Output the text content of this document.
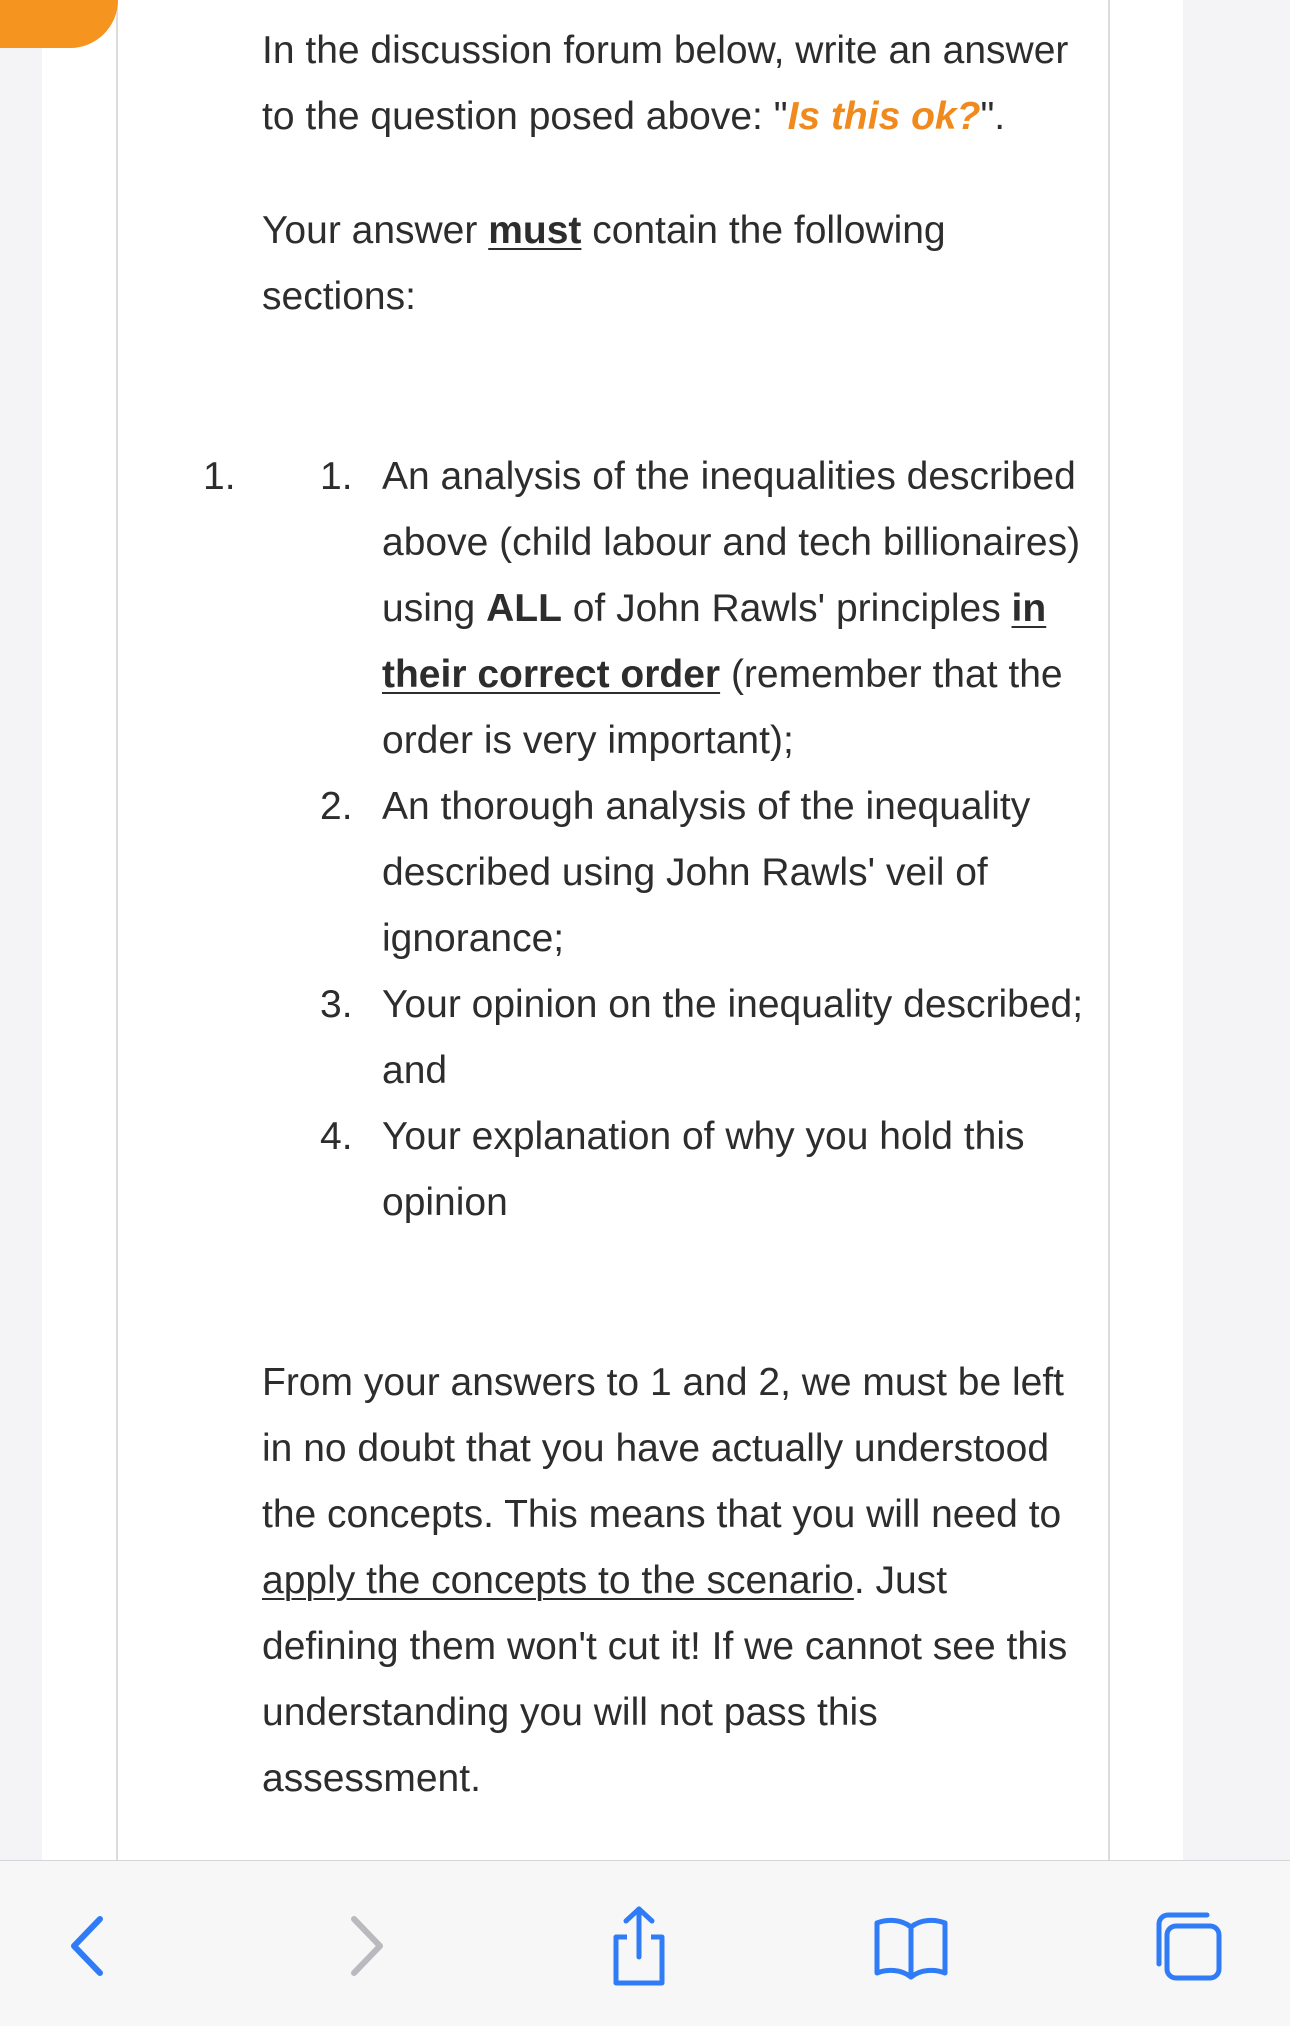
In the discussion forum below, write an answer to the question posed above: "Is this ok?".

Your answer must contain the following sections:

1. 1. An analysis of the inequalities described above (child labour and tech billionaires) using ALL of John Rawls' principles in their correct order (remember that the order is very important);
2. An thorough analysis of the inequality described using John Rawls' veil of ignorance;
3. Your opinion on the inequality described; and
4. Your explanation of why you hold this opinion

From your answers to 1 and 2, we must be left in no doubt that you have actually understood the concepts. This means that you will need to apply the concepts to the scenario. Just defining them won't cut it! If we cannot see this understanding you will not pass this assessment.
